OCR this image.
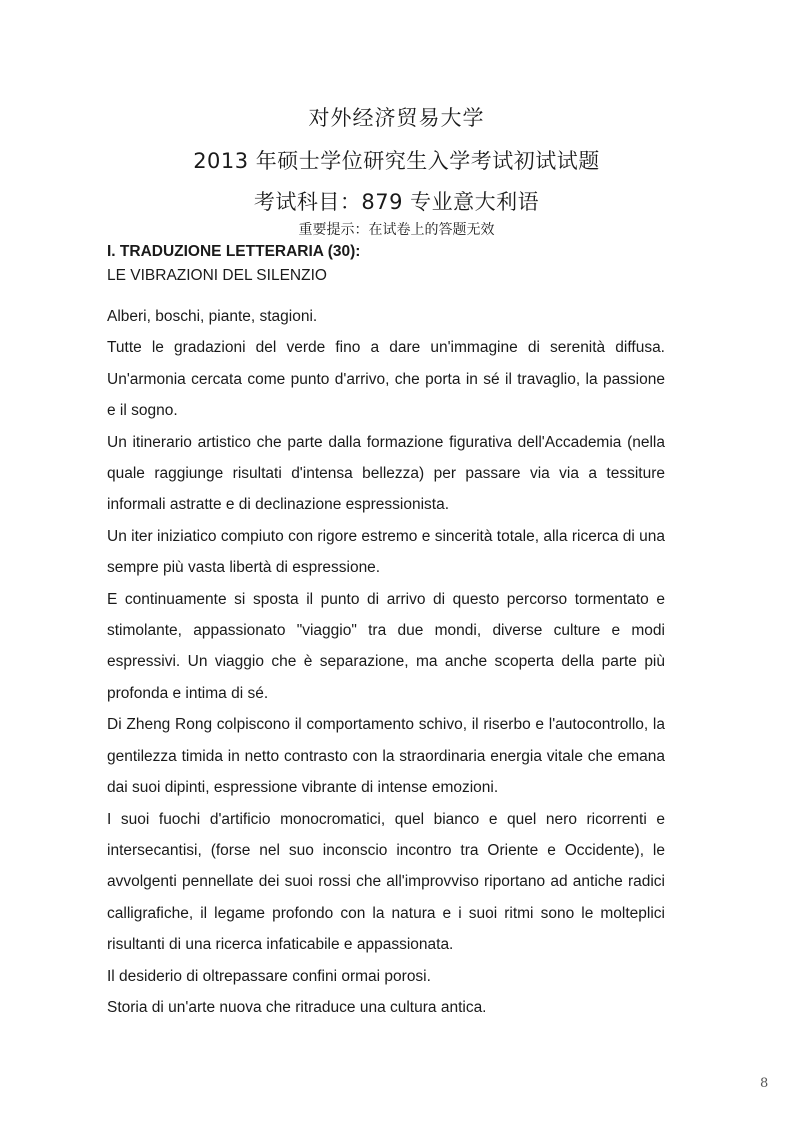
对外经济贸易大学
2013 年硕士学位研究生入学考试初试试题
考试科目：879 专业意大利语
重要提示：在试卷上的答题无效

I. TRADUZIONE LETTERARIA (30):

LE VIBRAZIONI DEL SILENZIO

Alberi, boschi, piante, stagioni.

Tutte le gradazioni del verde fino a dare un'immagine di serenità diffusa. Un'armonia cercata come punto d'arrivo, che porta in sé il travaglio, la passione e il sogno.

Un itinerario artistico che parte dalla formazione figurativa dell'Accademia (nella quale raggiunge risultati d'intensa bellezza) per passare via via a tessiture informali astratte e di declinazione espressionista.

Un iter iniziatico compiuto con rigore estremo e sincerità totale, alla ricerca di una sempre più vasta libertà di espressione.

E continuamente si sposta il punto di arrivo di questo percorso tormentato e stimolante, appassionato "viaggio" tra due mondi, diverse culture e modi espressivi. Un viaggio che è separazione, ma anche scoperta della parte più profonda e intima di sé.

Di Zheng Rong colpiscono il comportamento schivo, il riserbo e l'autocontrollo, la gentilezza timida in netto contrasto con la straordinaria energia vitale che emana dai suoi dipinti, espressione vibrante di intense emozioni.

I suoi fuochi d'artificio monocromatici, quel bianco e quel nero ricorrenti e intersecantisi, (forse nel suo inconscio incontro tra Oriente e Occidente), le avvolgenti pennellate dei suoi rossi che all'improvviso riportano ad antiche radici calligrafiche, il legame profondo con la natura e i suoi ritmi sono le molteplici risultanti di una ricerca infaticabile e appassionata.

Il desiderio di oltrepassare confini ormai porosi.

Storia di un'arte nuova che ritraduce una cultura antica.

8
